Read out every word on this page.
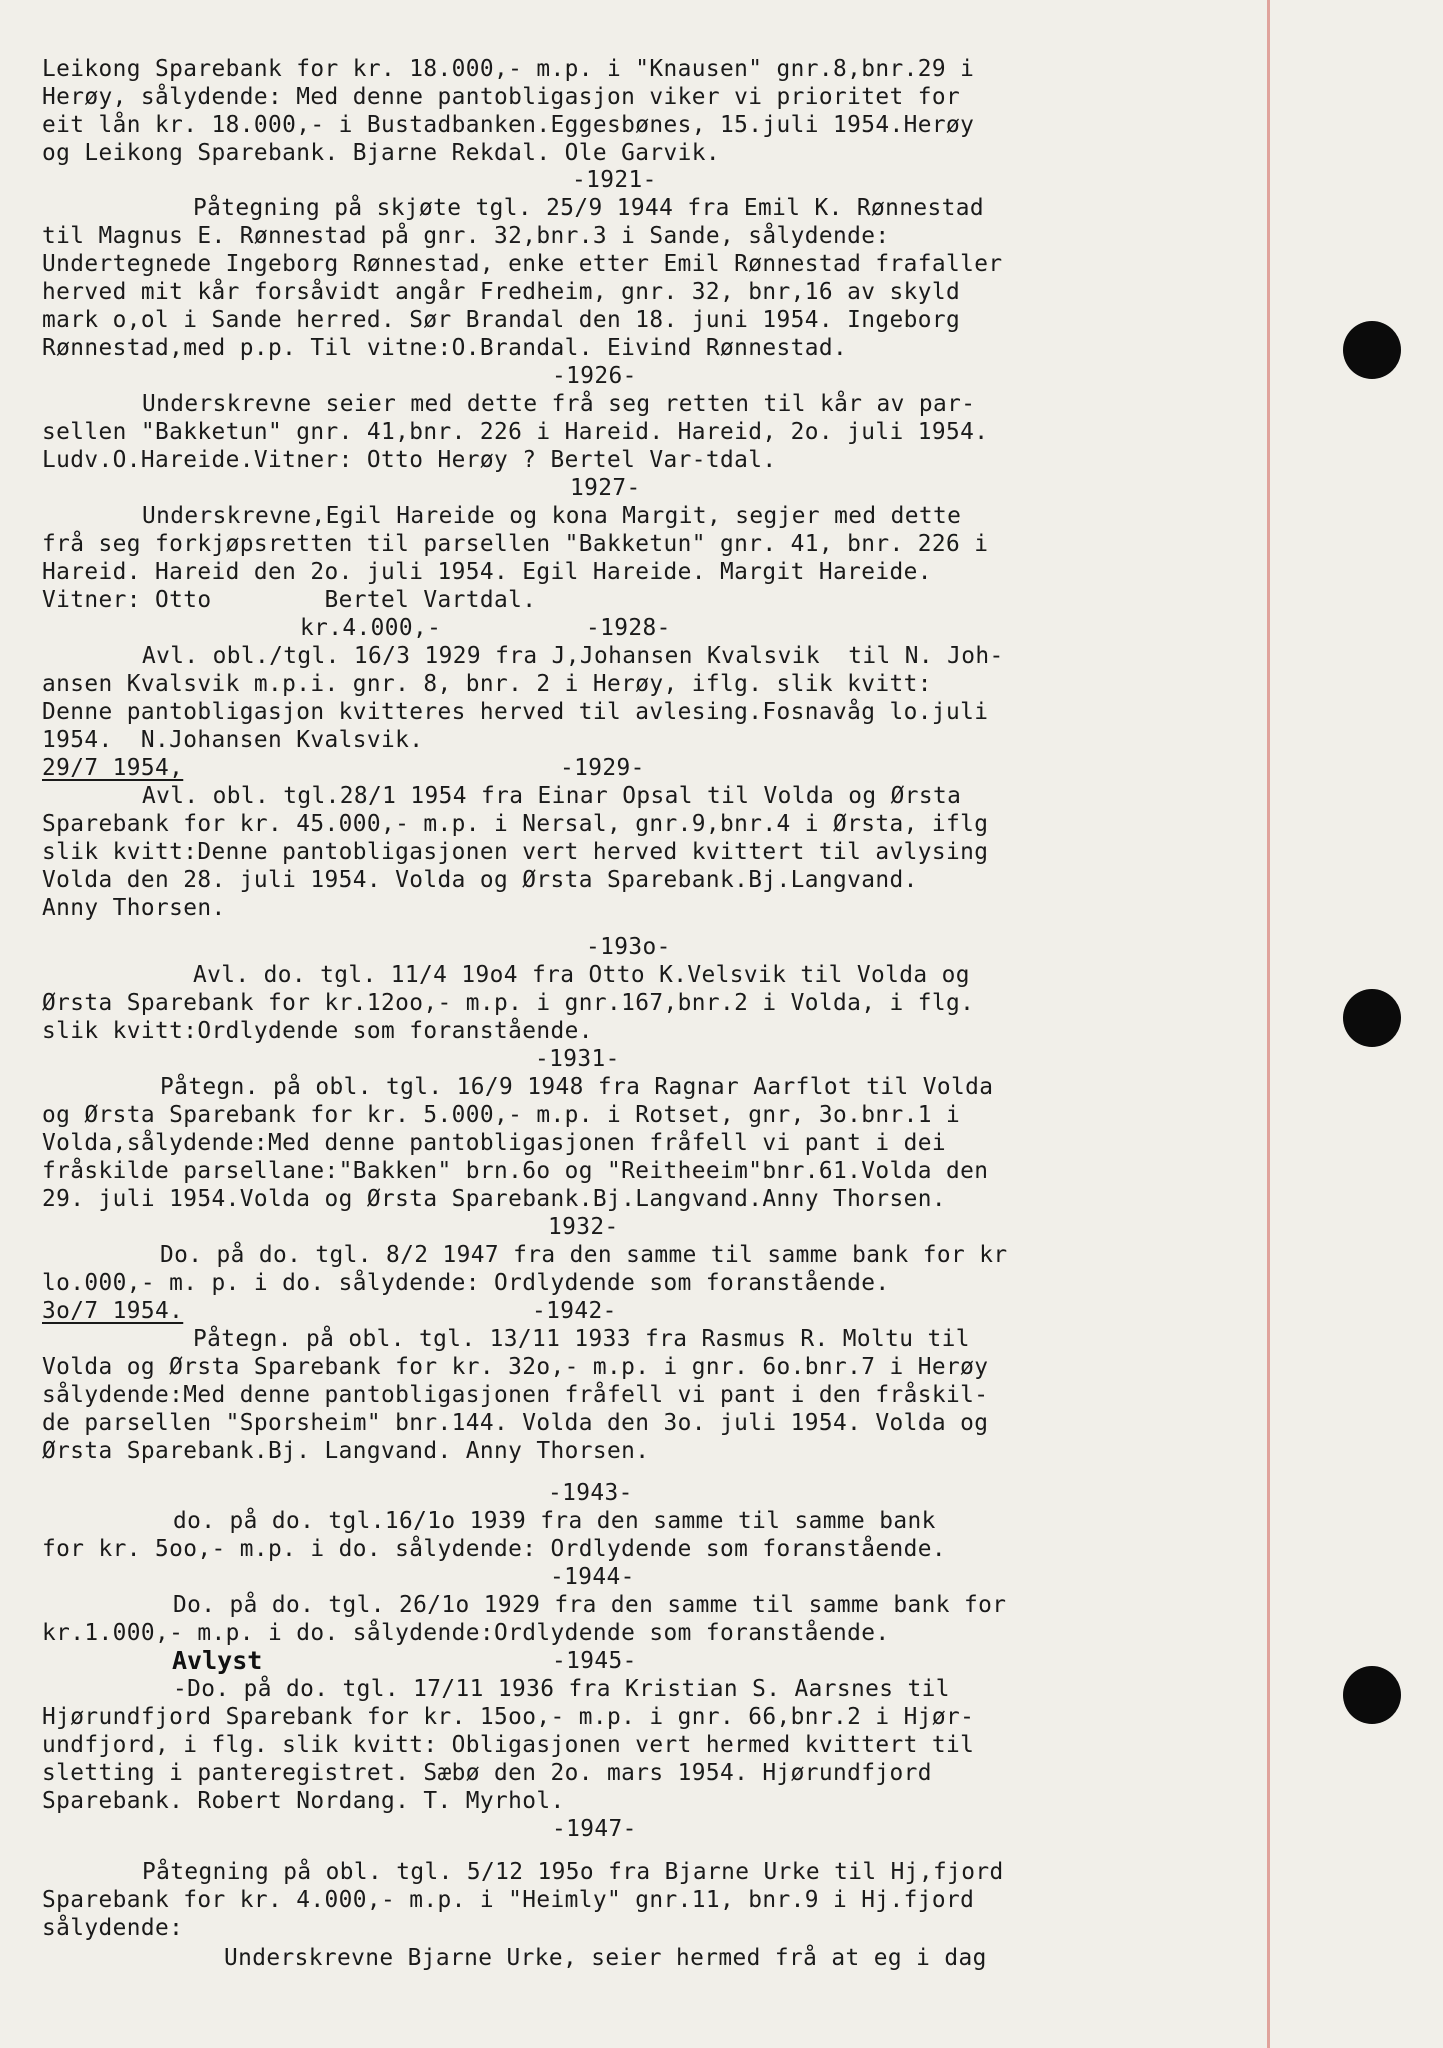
Leikong Sparebank for kr. 18.000,- m.p. i "Knausen" gnr.8,bnr.29 i

Herøy, sålydende: Med denne pantobligasjon viker vi prioritet for

eit lån kr. 18.000,- i Bustadbanken.Eggesbønes, 15.juli 1954.Herøy

og Leikong Sparebank. Bjarne Rekdal. Ole Garvik.

-1921-

Påtegning på skjøte tgl. 25/9 1944 fra Emil K. Rønnestad

til Magnus E. Rønnestad på gnr. 32,bnr.3 i Sande, sålydende:

Undertegnede Ingeborg Rønnestad, enke etter Emil Rønnestad frafaller

herved mit kår forsåvidt angår Fredheim, gnr. 32, bnr,16 av skyld

mark o,ol i Sande herred. Sør Brandal den 18. juni 1954. Ingeborg

Rønnestad,med p.p. Til vitne:O.Brandal. Eivind Rønnestad.

-1926-

Underskrevne seier med dette frå seg retten til kår av par-

sellen "Bakketun" gnr. 41,bnr. 226 i Hareid. Hareid, 2o. juli 1954.

Ludv.O.Hareide.Vitner: Otto Herøy ? Bertel Var-tdal.

1927-

Underskrevne,Egil Hareide og kona Margit, segjer med dette

frå seg forkjøpsretten til parsellen "Bakketun" gnr. 41, bnr. 226 i

Hareid. Hareid den 2o. juli 1954. Egil Hareide. Margit Hareide.

Vitner: Otto        Bertel Vartdal.

kr.4.000,-	-1928-

Avl. obl./tgl. 16/3 1929 fra J,Johansen Kvalsvik  til N. Joh-

ansen Kvalsvik m.p.i. gnr. 8, bnr. 2 i Herøy, iflg. slik kvitt:

Denne pantobligasjon kvitteres herved til avlesing.Fosnavåg lo.juli

1954.  N.Johansen Kvalsvik.

29/7 1954,	-1929-

Avl. obl. tgl.28/1 1954 fra Einar Opsal til Volda og Ørsta

Sparebank for kr. 45.000,- m.p. i Nersal, gnr.9,bnr.4 i Ørsta, iflg

slik kvitt:Denne pantobligasjonen vert herved kvittert til avlysing

Volda den 28. juli 1954. Volda og Ørsta Sparebank.Bj.Langvand.

Anny Thorsen.

-193o-

Avl. do. tgl. 11/4 19o4 fra Otto K.Velsvik til Volda og

Ørsta Sparebank for kr.12oo,- m.p. i gnr.167,bnr.2 i Volda, i flg.

slik kvitt:Ordlydende som foranstående.

-1931-

Påtegn. på obl. tgl. 16/9 1948 fra Ragnar Aarflot til Volda

og Ørsta Sparebank for kr. 5.000,- m.p. i Rotset, gnr, 3o.bnr.1 i

Volda,sålydende:Med denne pantobligasjonen fråfell vi pant i dei

fråskilde parsellane:"Bakken" brn.6o og "Reitheeim"bnr.61.Volda den

29. juli 1954.Volda og Ørsta Sparebank.Bj.Langvand.Anny Thorsen.

1932-

Do. på do. tgl. 8/2 1947 fra den samme til samme bank for kr

lo.000,- m. p. i do. sålydende: Ordlydende som foranstående.

3o/7 1954.	-1942-

Påtegn. på obl. tgl. 13/11 1933 fra Rasmus R. Moltu til

Volda og Ørsta Sparebank for kr. 32o,- m.p. i gnr. 6o.bnr.7 i Herøy

sålydende:Med denne pantobligasjonen fråfell vi pant i den fråskil-

de parsellen "Sporsheim" bnr.144. Volda den 3o. juli 1954. Volda og

Ørsta Sparebank.Bj. Langvand. Anny Thorsen.

-1943-

do. på do. tgl.16/1o 1939 fra den samme til samme bank

for kr. 5oo,- m.p. i do. sålydende: Ordlydende som foranstående.

-1944-

Do. på do. tgl. 26/1o 1929 fra den samme til samme bank for

kr.1.000,- m.p. i do. sålydende:Ordlydende som foranstående.

Avlyst	-1945-

-Do. på do. tgl. 17/11 1936 fra Kristian S. Aarsnes til

Hjørundfjord Sparebank for kr. 15oo,- m.p. i gnr. 66,bnr.2 i Hjør-

undfjord, i flg. slik kvitt: Obligasjonen vert hermed kvittert til

sletting i panteregistret. Sæbø den 2o. mars 1954. Hjørundfjord

Sparebank. Robert Nordang. T. Myrhol.

-1947-

Påtegning på obl. tgl. 5/12 195o fra Bjarne Urke til Hj,fjord

Sparebank for kr. 4.000,- m.p. i "Heimly" gnr.11, bnr.9 i Hj.fjord

sålydende:

Underskrevne Bjarne Urke, seier hermed frå at eg i dag
